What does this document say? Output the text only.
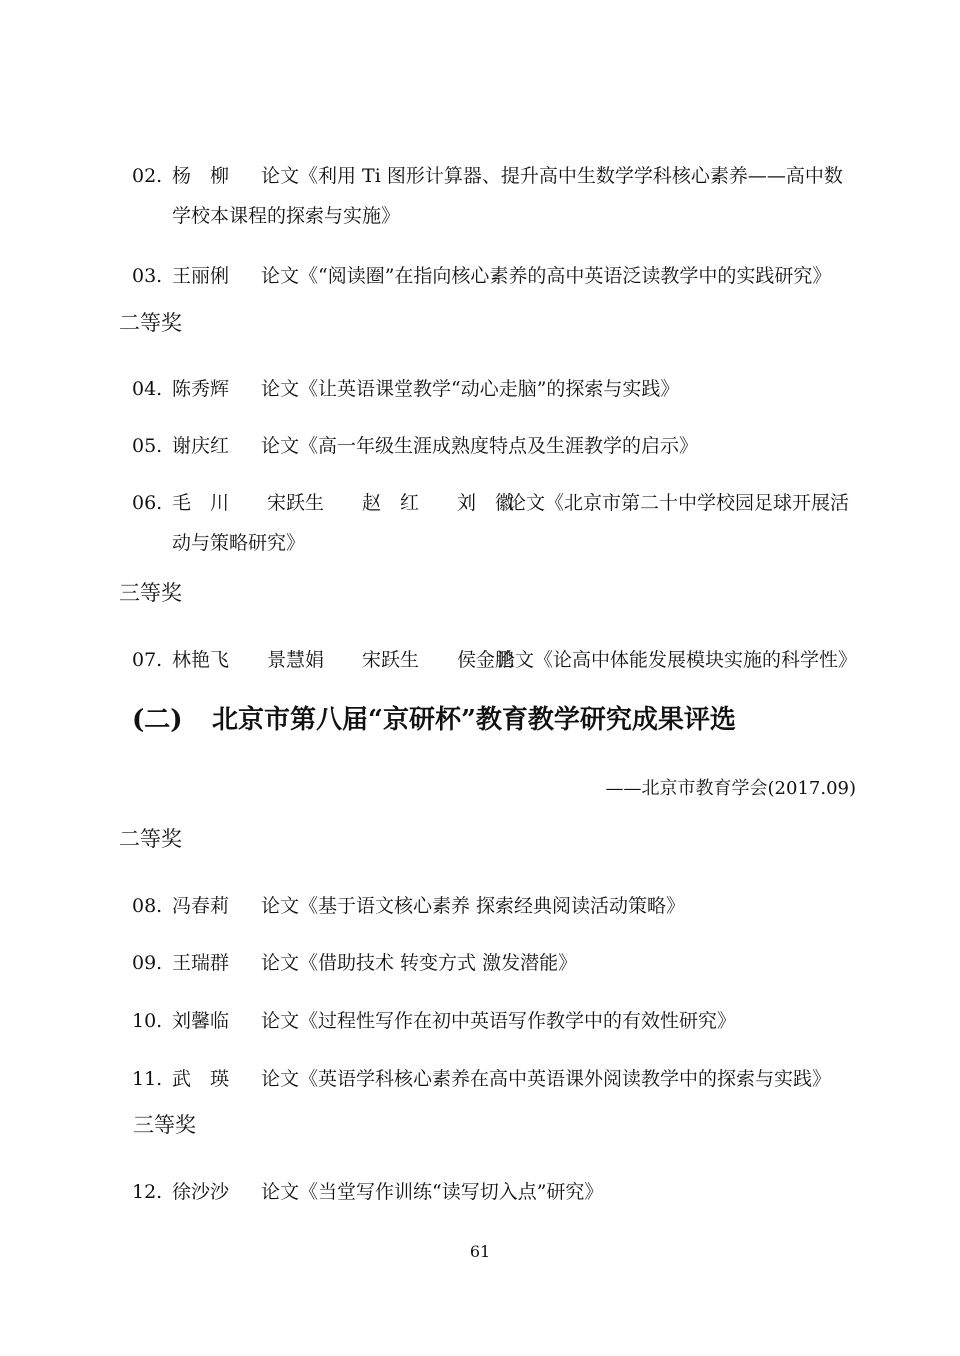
02. 杨　柳 论文《利用 Ti 图形计算器、提升高中生数学学科核心素养——高中数
学校本课程的探索与实施》
03. 王丽俐 论文《“阅读圈”在指向核心素养的高中英语泛读教学中的实践研究》
二等奖
04. 陈秀辉 论文《让英语课堂教学“动心走脑”的探索与实践》
05. 谢庆红 论文《高一年级生涯成熟度特点及生涯教学的启示》
06. 毛　川　　宋跃生　　赵　红　　刘　徽
论文《北京市第二十中学校园足球开展活
动与策略研究》
三等奖
07. 林艳飞　　景慧娟　　宋跃生　　侯金鹏
论文《论高中体能发展模块实施的科学性》
(二) 北京市第八届“京研杯”教育教学研究成果评选
——北京市教育学会(2017.09)
二等奖
08. 冯春莉 论文《基于语文核心素养 探索经典阅读活动策略》
09. 王瑞群 论文《借助技术 转变方式 激发潜能》
10. 刘馨临 论文《过程性写作在初中英语写作教学中的有效性研究》
11. 武　瑛 论文《英语学科核心素养在高中英语课外阅读教学中的探索与实践》
三等奖
12. 徐沙沙 论文《当堂写作训练“读写切入点”研究》
61
